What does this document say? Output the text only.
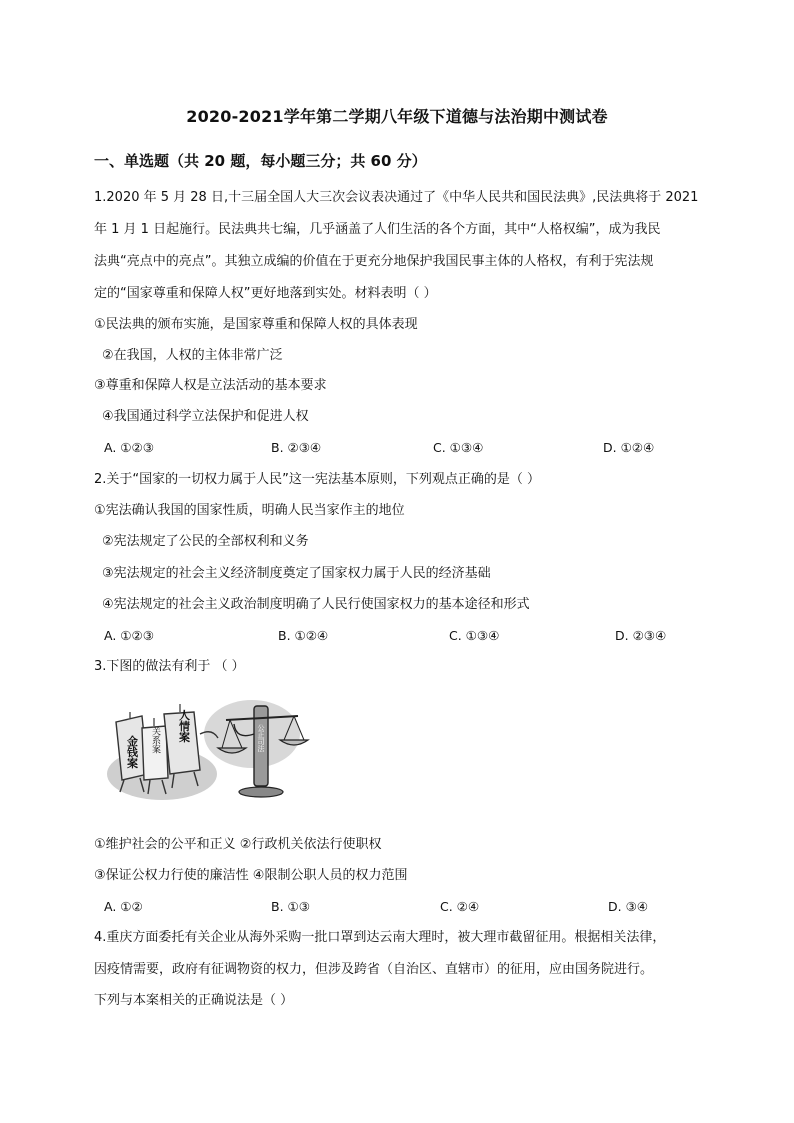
2020-2021学年第二学期八年级下道德与法治期中测试卷
一、单选题（共 20 题，每小题三分；共 60 分）
1.2020 年 5 月 28 日,十三届全国人大三次会议表决通过了《中华人民共和国民法典》,民法典将于 2021
年 1 月 1 日起施行。民法典共七编，几乎涵盖了人们生活的各个方面，其中“人格权编”，成为我民
法典“亮点中的亮点”。其独立成编的价值在于更充分地保护我国民事主体的人格权，有利于宪法规
定的“国家尊重和保障人权”更好地落到实处。材料表明（ ）
①民法典的颁布实施，是国家尊重和保障人权的具体表现
②在我国，人权的主体非常广泛
③尊重和保障人权是立法活动的基本要求
④我国通过科学立法保护和促进人权
A. ①②③	B. ②③④	C. ①③④	D. ①②④
2.关于“国家的一切权力属于人民”这一宪法基本原则，下列观点正确的是（ ）
①宪法确认我国的国家性质，明确人民当家作主的地位
②宪法规定了公民的全部权利和义务
③宪法规定的社会主义经济制度奠定了国家权力属于人民的经济基础
④宪法规定的社会主义政治制度明确了人民行使国家权力的基本途径和形式
A. ①②③	B. ①②④	C. ①③④	D. ②③④
3.下图的做法有利于 （ ）
金钱案 关系案 人情案	公正司法
①维护社会的公平和正义 ②行政机关依法行使职权
③保证公权力行使的廉洁性 ④限制公职人员的权力范围
A. ①②	B. ①③	C. ②④	D. ③④
4.重庆方面委托有关企业从海外采购一批口罩到达云南大理时，被大理市截留征用。根据相关法律，
因疫情需要，政府有征调物资的权力，但涉及跨省（自治区、直辖市）的征用，应由国务院进行。
下列与本案相关的正确说法是（ ）
